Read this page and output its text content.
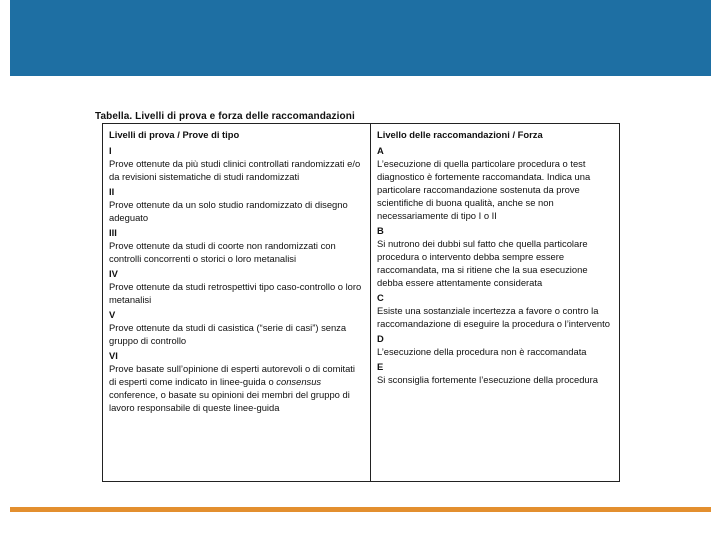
Tabella. Livelli di prova e forza delle raccomandazioni
Livelli di prova / Prove di tipo
I
Prove ottenute da più studi clinici controllati randomizzati e/o da revisioni sistematiche di studi randomizzati
II
Prove ottenute da un solo studio randomizzato di disegno adeguato
III
Prove ottenute da studi di coorte non randomizzati con controlli concorrenti o storici o loro metanalisi
IV
Prove ottenute da studi retrospettivi tipo caso-controllo o loro metanalisi
V
Prove ottenute da studi di casistica (“serie di casi”) senza gruppo di controllo
VI
Prove basate sull’opinione di esperti autorevoli o di comitati di esperti come indicato in linee-guida o consensus conference, o basate su opinioni dei membri del gruppo di lavoro responsabile di queste linee-guida
Livello delle raccomandazioni / Forza
A
L’esecuzione di quella particolare procedura o test diagnostico è fortemente raccomandata. Indica una particolare raccomandazione sostenuta da prove scientifiche di buona qualità, anche se non necessariamente di tipo I o II
B
Si nutrono dei dubbi sul fatto che quella particolare procedura o intervento debba sempre essere raccomandata, ma si ritiene che la sua esecuzione debba essere attentamente considerata
C
Esiste una sostanziale incertezza a favore o contro la raccomandazione di eseguire la procedura o l’intervento
D
L’esecuzione della procedura non è raccomandata
E
Si sconsiglia fortemente l’esecuzione della procedura
